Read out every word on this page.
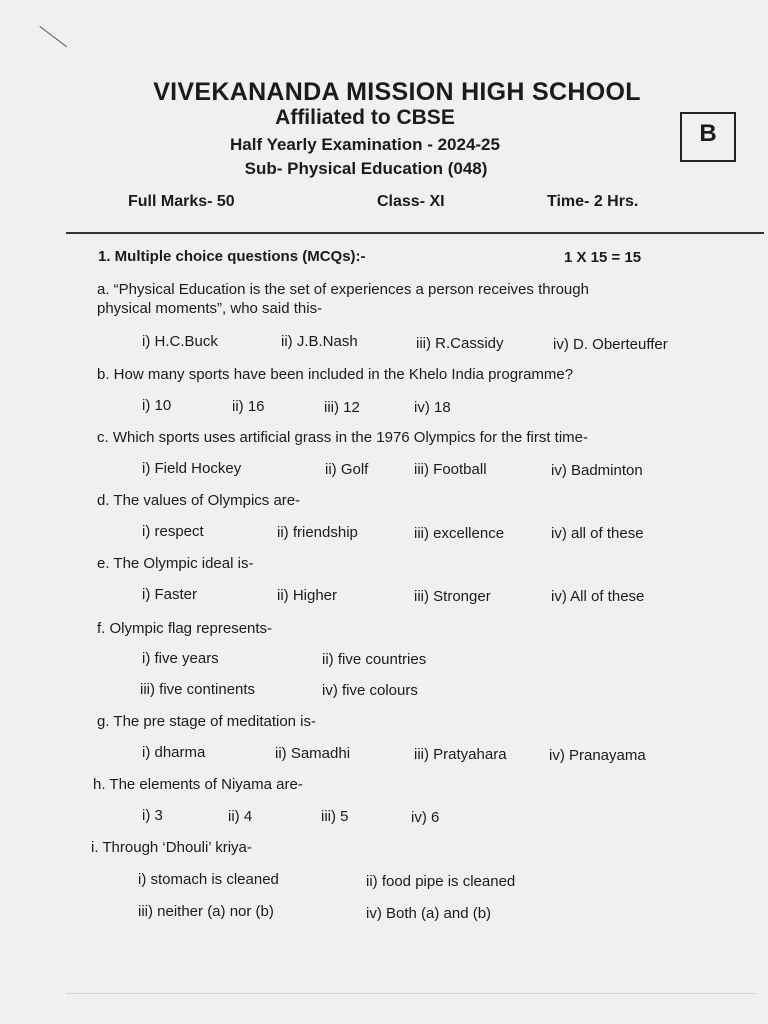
VIVEKANANDA MISSION HIGH SCHOOL
Affiliated to CBSE
Half Yearly Examination - 2024-25
Sub- Physical Education (048)
B
Full Marks- 50	Class- XI	Time- 2 Hrs.
1. Multiple choice questions (MCQs):-	1 X 15 = 15
a. “Physical Education is the set of experiences a person receives through
physical moments”, who said this-
i) H.C.Buck	ii) J.B.Nash	iii) R.Cassidy	iv) D. Oberteuffer
b. How many sports have been included in the Khelo India programme?
i) 10	ii) 16	iii) 12	iv) 18
c. Which sports uses artificial grass in the 1976 Olympics for the first time-
i) Field Hockey	ii) Golf	iii) Football	iv) Badminton
d. The values of Olympics are-
i) respect	ii) friendship	iii) excellence	iv) all of these
e. The Olympic ideal is-
i) Faster	ii) Higher	iii) Stronger	iv) All of these
f. Olympic flag represents-
i) five years	ii) five countries
iii) five continents	iv) five colours
g. The pre stage of meditation is-
i) dharma	ii) Samadhi	iii) Pratyahara	iv) Pranayama
h. The elements of Niyama are-
i) 3	ii) 4	iii) 5	iv) 6
i. Through ‘Dhouli’ kriya-
i) stomach is cleaned	ii) food pipe is cleaned
iii) neither (a) nor (b)	iv) Both (a) and (b)
